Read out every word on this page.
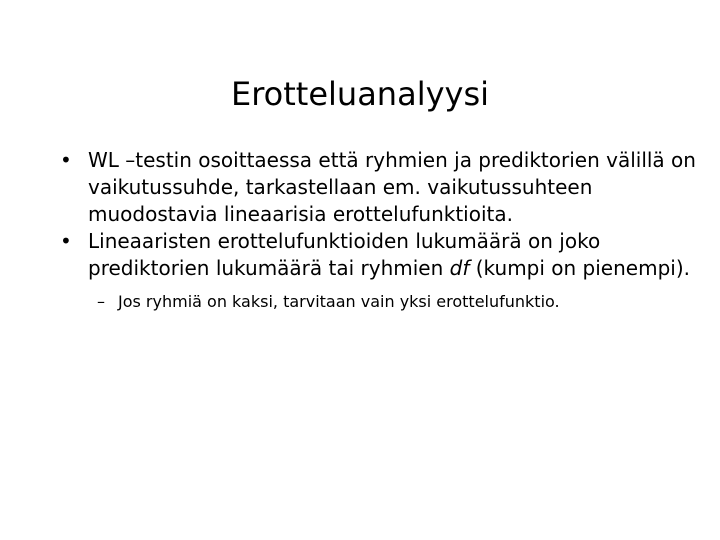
Erotteluanalyysi
• WL –testin osoittaessa että ryhmien ja prediktorien välillä on vaikutussuhde, tarkastellaan em. vaikutussuhteen muodostavia lineaarisia erottelufunktioita.
• Lineaaristen erottelufunktioiden lukumäärä on joko prediktorien lukumäärä tai ryhmien df (kumpi on pienempi).
– Jos ryhmiä on kaksi, tarvitaan vain yksi erottelufunktio.
